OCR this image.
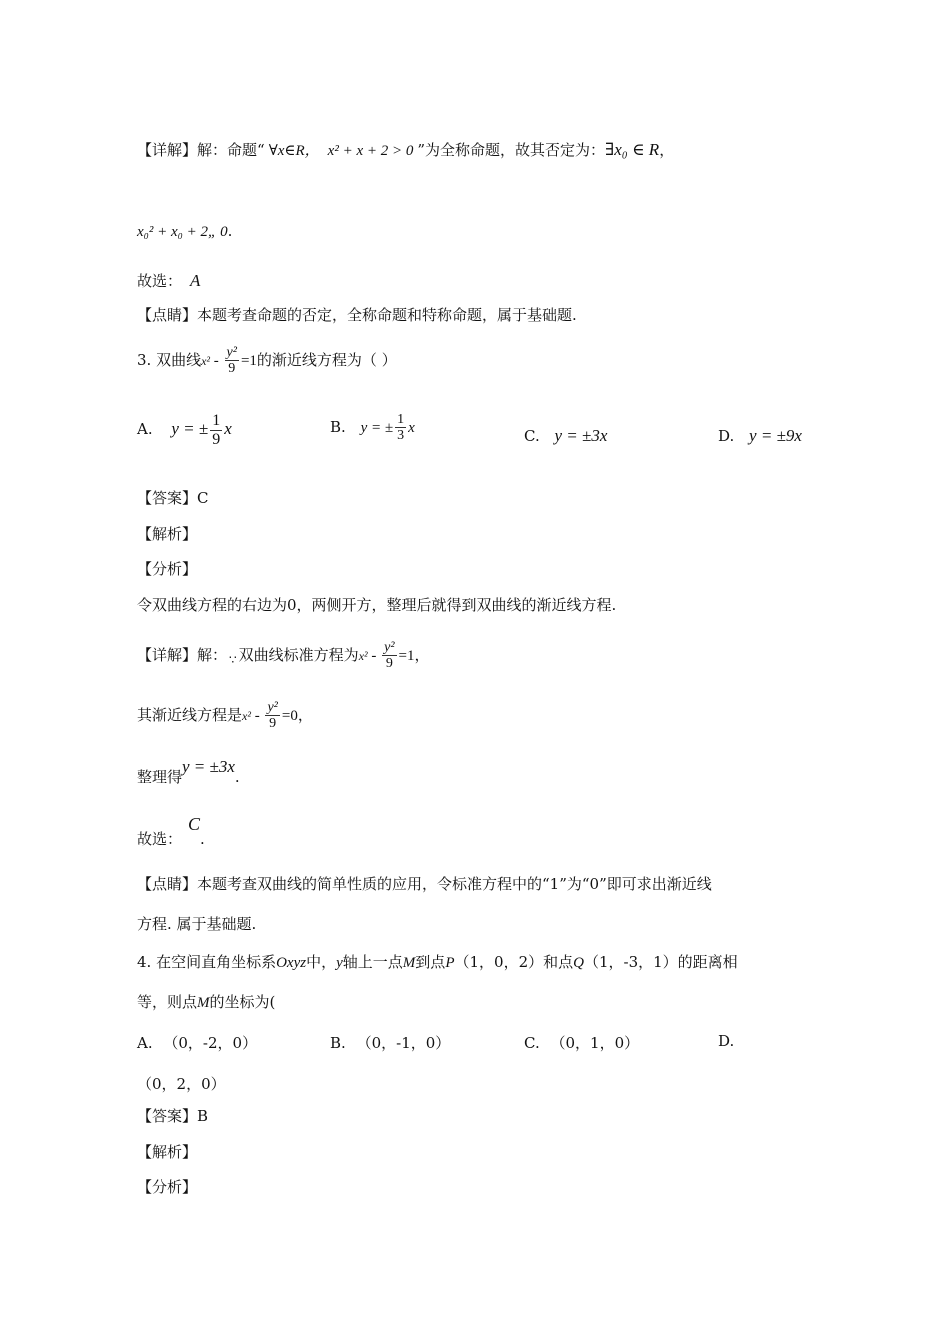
【详解】解：命题“ ∀x∈R， x² + x + 2 > 0 ”为全称命题，故其否定为：∃x₀ ∈ R，
x₀² + x₀ + 2„ 0.
故选： A
【点睛】本题考查命题的否定，全称命题和特称命题，属于基础题.
3. 双曲线$x^2 - \frac{\text{y²}}{9} =1$的渐近线方程为（ ）
A. y = ± $\frac{1}{9}$ x	B. y = ± $\frac{1}{3}$ x	C. y = ±3x	D. y = ±9x
【答案】C
【解析】
【分析】
令双曲线方程的右边为0，两侧开方，整理后就得到双曲线的渐近线方程.
【详解】解： ∵ 双曲线标准方程为$x^2 - \frac{\text{y²}}{9} =1$，
其渐近线方程是$x^2 - \frac{\text{y²}}{9} =0$，
整理得y = ±3x.
故选：C.
【点睛】本题考查双曲线的简单性质的应用，令标准方程中的“1”为“0”即可求出渐近线
方程. 属于基础题.
4. 在空间直角坐标系Oxyz中，y轴上一点M到点P（1，0，2）和点Q（1，-3，1）的距离相
等，则点M的坐标为(
A. （0，-2，0）	B. （0，-1，0）	C. （0，1，0）	D.
（0，2，0）
【答案】B
【解析】
【分析】
